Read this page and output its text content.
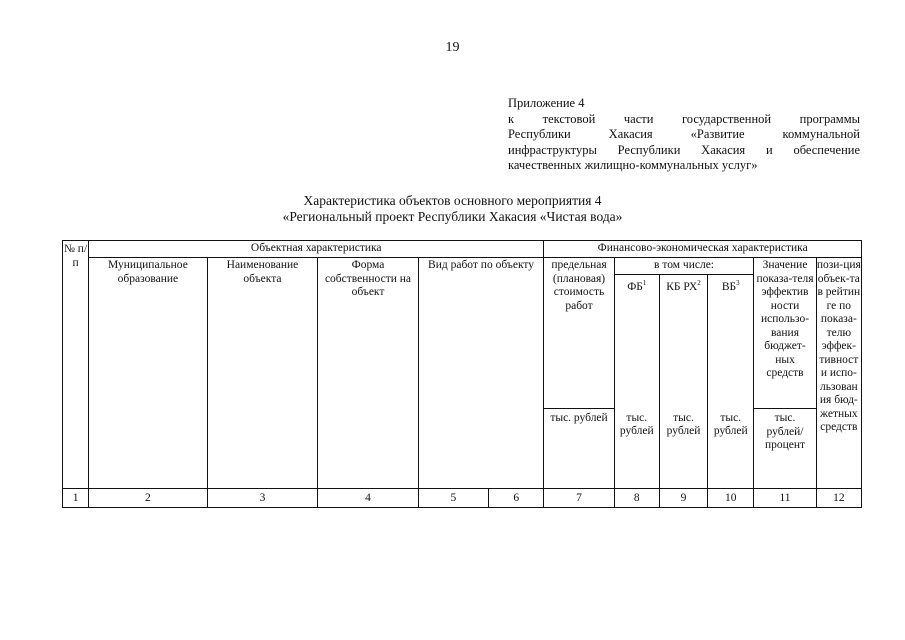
19
Приложение 4
к текстовой части государственной программы
Республики Хакасия «Развитие коммунальной
инфраструктуры Республики Хакасия и обеспечение
качественных жилищно-коммунальных услуг»
Характеристика объектов основного мероприятия 4
«Региональный проект Республики Хакасия «Чистая вода»
№ п/п	Объектная характеристика					Финансово-экономическая характеристика					
	Муниципальное образование	Наименование объекта	Форма собственности на объект	Вид работ по объекту		предельная (плановая) стоимость работ	в том числе:			Значение показа-теля эффектив ности использо-вания бюджет-ных средств	пози-ция объек-та в рейтин ге по показа-телю эффек-тивност и испо-льзован ия бюд-жетных средств
							$ФБ^1$	КБ $РХ^2$	$ВБ^3$
						тыс. рублей	тыс. рублей	тыс. рублей	тыс. рублей	тыс. рублей/ процент	
1	2	3	4	5	6	7	8	9	10	11	12
